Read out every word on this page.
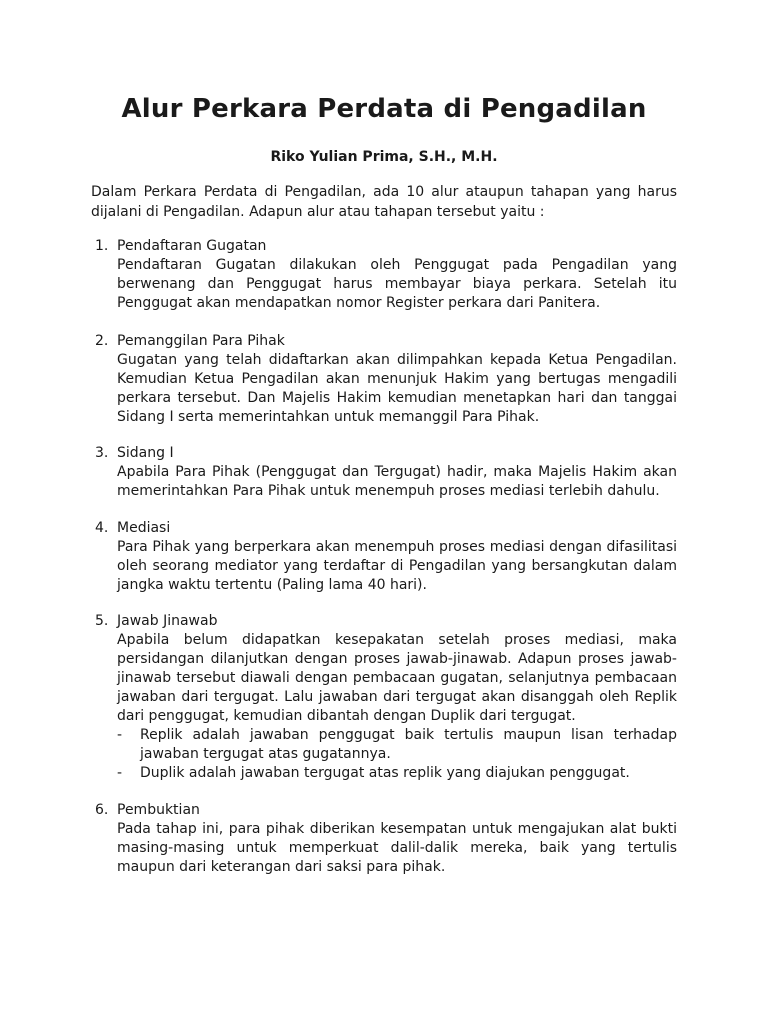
Alur Perkara Perdata di Pengadilan

Riko Yulian Prima, S.H., M.H.

Dalam Perkara Perdata di Pengadilan, ada 10 alur ataupun tahapan yang harus dijalani di Pengadilan. Adapun alur atau tahapan tersebut yaitu :

1. Pendaftaran Gugatan
Pendaftaran Gugatan dilakukan oleh Penggugat pada Pengadilan yang berwenang dan Penggugat harus membayar biaya perkara. Setelah itu Penggugat akan mendapatkan nomor Register perkara dari Panitera.
2. Pemanggilan Para Pihak
Gugatan yang telah didaftarkan akan dilimpahkan kepada Ketua Pengadilan. Kemudian Ketua Pengadilan akan menunjuk Hakim yang bertugas mengadili perkara tersebut. Dan Majelis Hakim kemudian menetapkan hari dan tanggai Sidang I serta memerintahkan untuk memanggil Para Pihak.
3. Sidang I
Apabila Para Pihak (Penggugat dan Tergugat) hadir, maka Majelis Hakim akan memerintahkan Para Pihak untuk menempuh proses mediasi terlebih dahulu.
4. Mediasi
Para Pihak yang berperkara akan menempuh proses mediasi dengan difasilitasi oleh seorang mediator yang terdaftar di Pengadilan yang bersangkutan dalam jangka waktu tertentu (Paling lama 40 hari).
5. Jawab Jinawab
Apabila belum didapatkan kesepakatan setelah proses mediasi, maka persidangan dilanjutkan dengan proses jawab-jinawab. Adapun proses jawab-jinawab tersebut diawali dengan pembacaan gugatan, selanjutnya pembacaan jawaban dari tergugat. Lalu jawaban dari tergugat akan disanggah oleh Replik dari penggugat, kemudian dibantah dengan Duplik dari tergugat.
- Replik adalah jawaban penggugat baik tertulis maupun lisan terhadap jawaban tergugat atas gugatannya.
- Duplik adalah jawaban tergugat atas replik yang diajukan penggugat.
6. Pembuktian
Pada tahap ini, para pihak diberikan kesempatan untuk mengajukan alat bukti masing-masing untuk memperkuat dalil-dalik mereka, baik yang tertulis maupun dari keterangan dari saksi para pihak.
